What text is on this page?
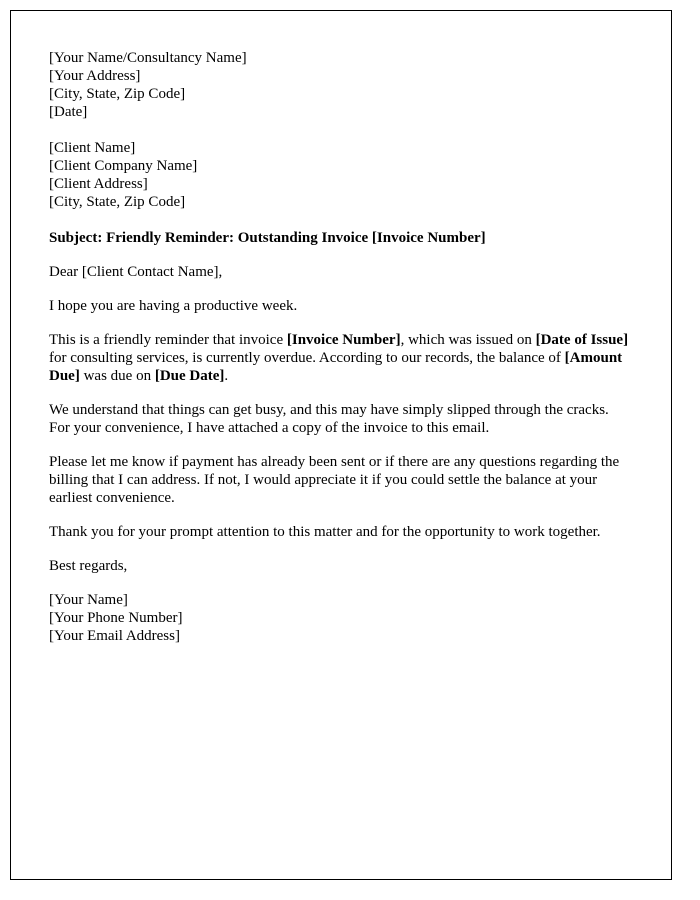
[Your Name/Consultancy Name]
[Your Address]
[City, State, Zip Code]
[Date]
[Client Name]
[Client Company Name]
[Client Address]
[City, State, Zip Code]

Subject: Friendly Reminder: Outstanding Invoice [Invoice Number]

Dear [Client Contact Name],

I hope you are having a productive week.

This is a friendly reminder that invoice [Invoice Number], which was issued on [Date of Issue] for consulting services, is currently overdue. According to our records, the balance of [Amount Due] was due on [Due Date].

We understand that things can get busy, and this may have simply slipped through the cracks. For your convenience, I have attached a copy of the invoice to this email.

Please let me know if payment has already been sent or if there are any questions regarding the billing that I can address. If not, I would appreciate it if you could settle the balance at your earliest convenience.

Thank you for your prompt attention to this matter and for the opportunity to work together.

Best regards,

[Your Name]
[Your Phone Number]
[Your Email Address]
